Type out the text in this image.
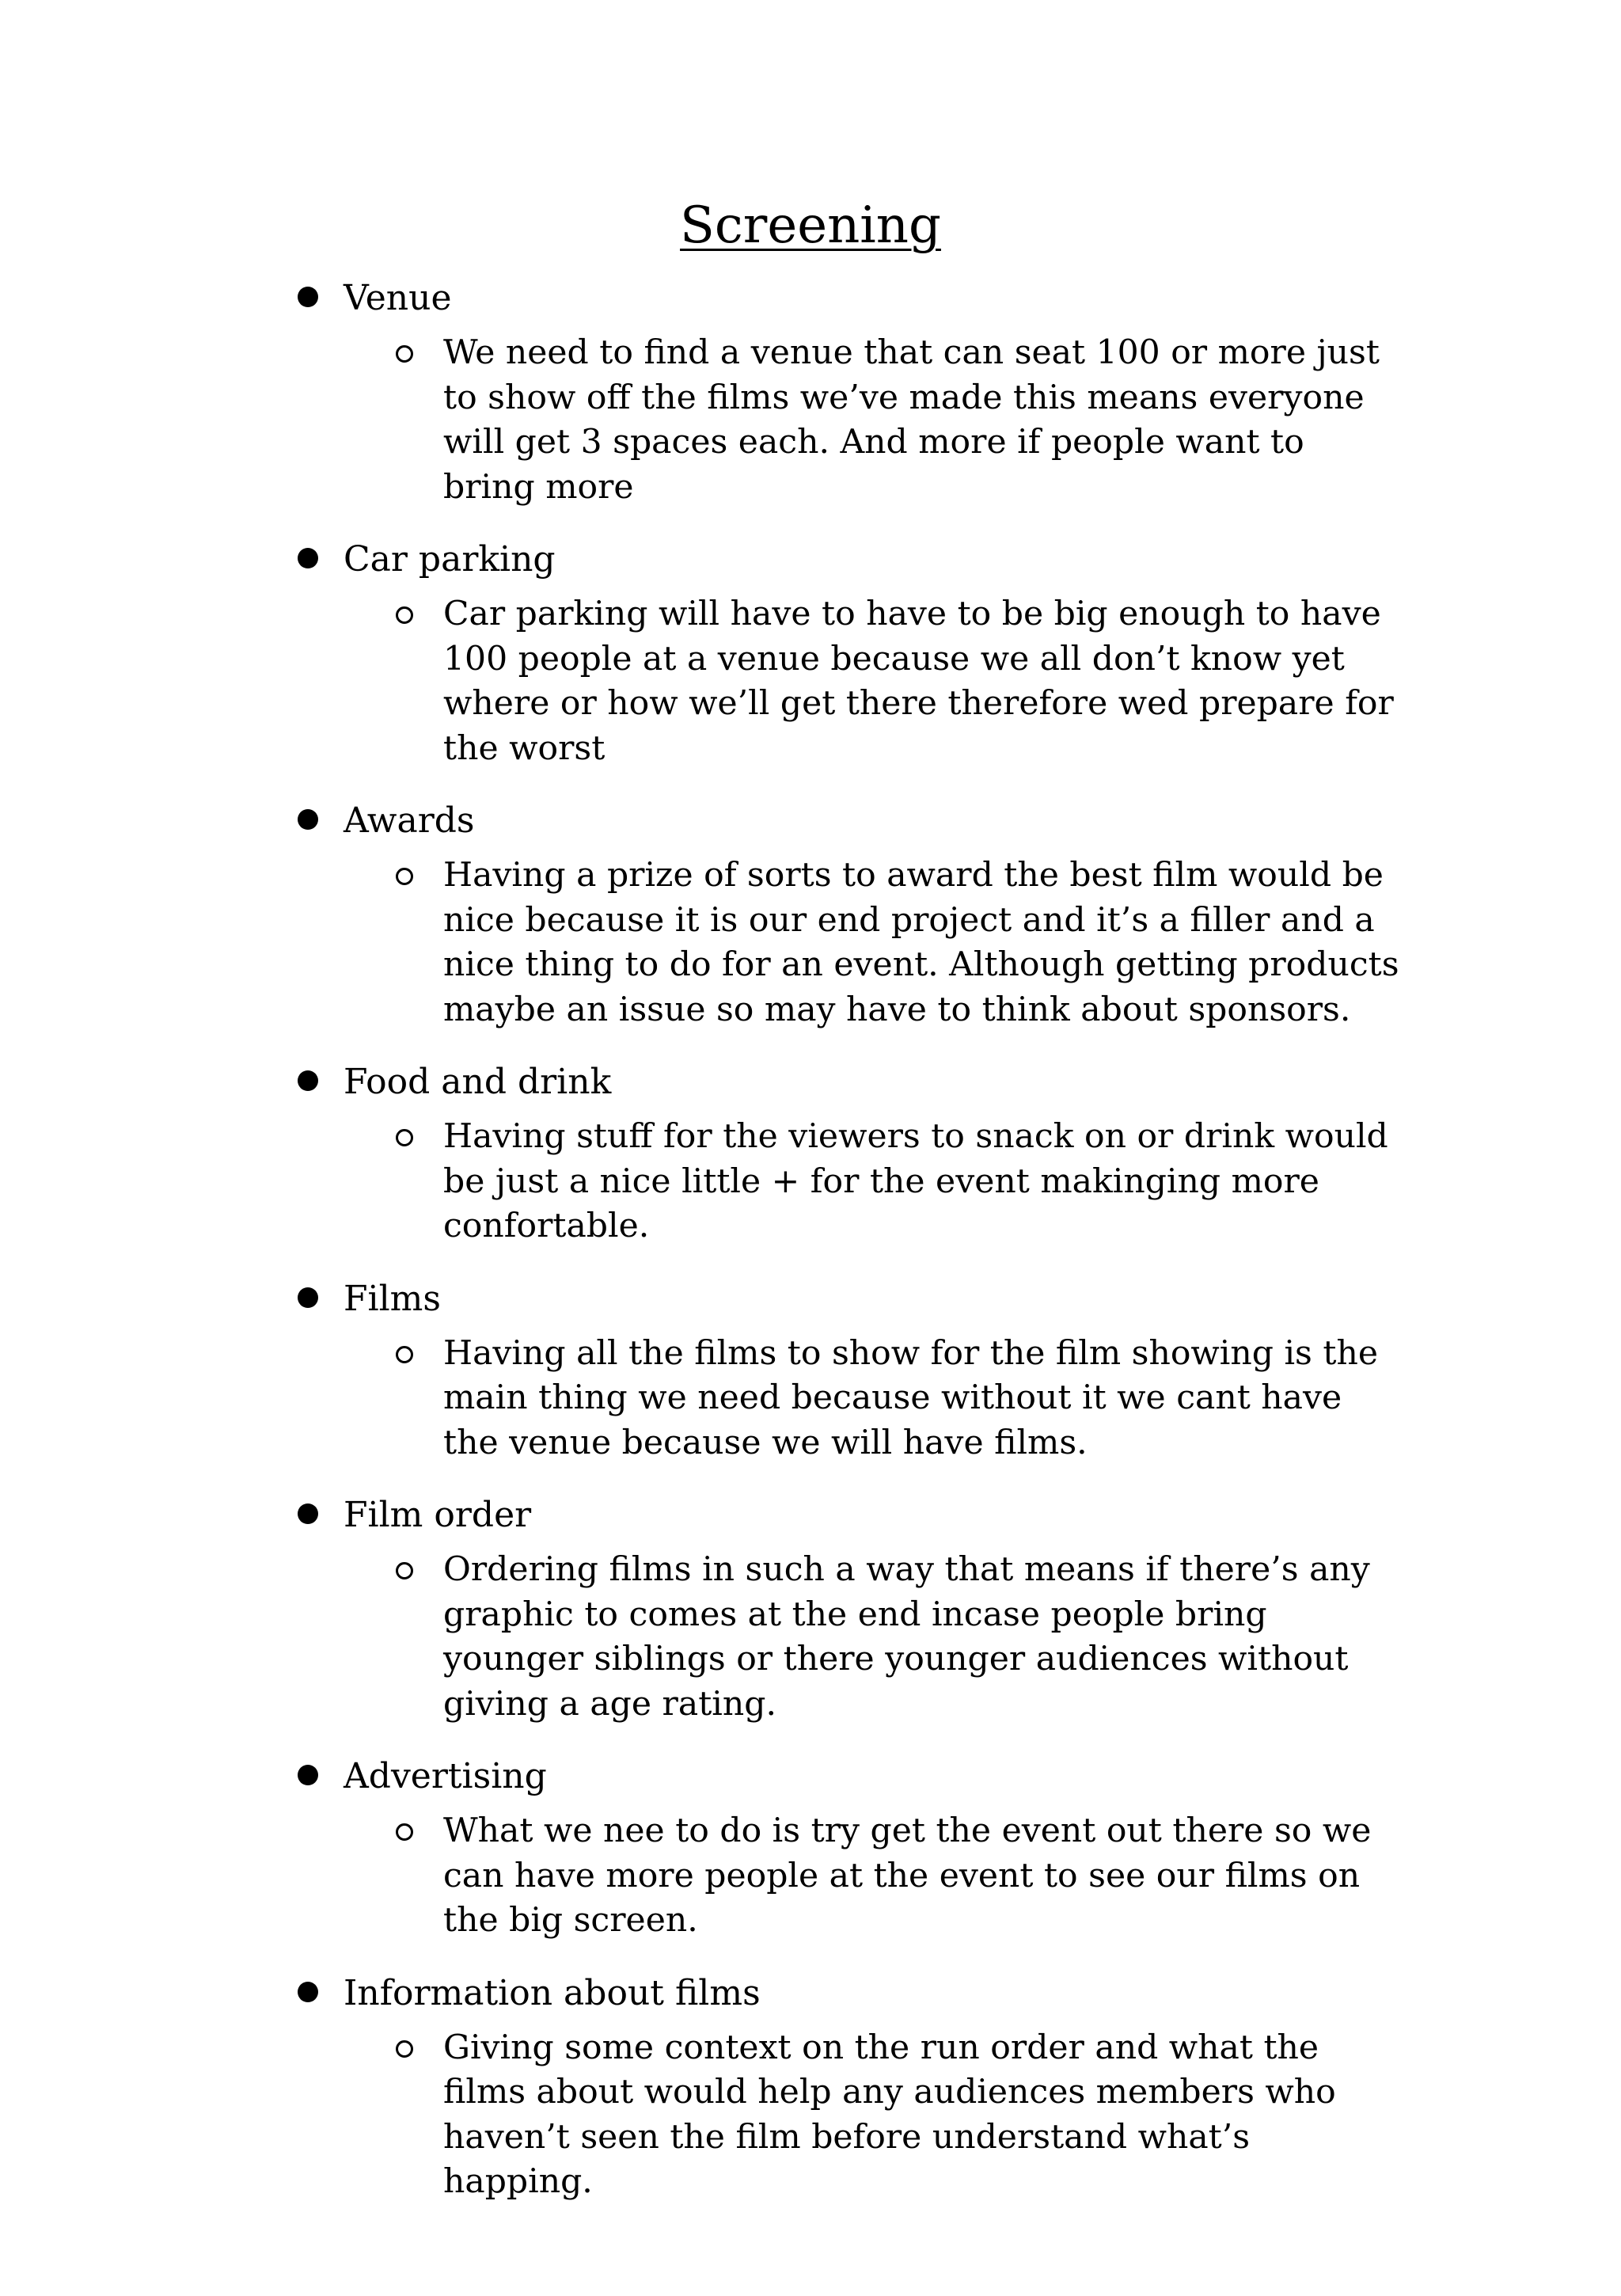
Screening
Venue
We need to find a venue that can seat 100 or more just to show off the films we’ve made this means everyone will get 3 spaces each. And more if people want to bring more
Car parking
Car parking will have to have to be big enough to have 100 people at a venue because we all don’t know yet where or how we’ll get there therefore wed prepare for the worst
Awards
Having a prize of sorts to award the best film would be nice because it is our end project and it’s a filler and a nice thing to do for an event. Although getting products maybe an issue so may have to think about sponsors.
Food and drink
Having stuff for the viewers to snack on or drink would be just a nice little + for the event makinging more confortable.
Films
Having all the films to show for the film showing is the main thing we need because without it we cant have the venue because we will have films.
Film order
Ordering films in such a way that means if there’s any graphic to comes at the end incase people bring younger siblings or there younger audiences without giving a age rating.
Advertising
What we nee to do is try get the event out there so we can have more people at the event to see our films on the big screen.
Information about films
Giving some context on the run order and what the films about would help any audiences members who haven’t seen the film before understand what’s happing.
